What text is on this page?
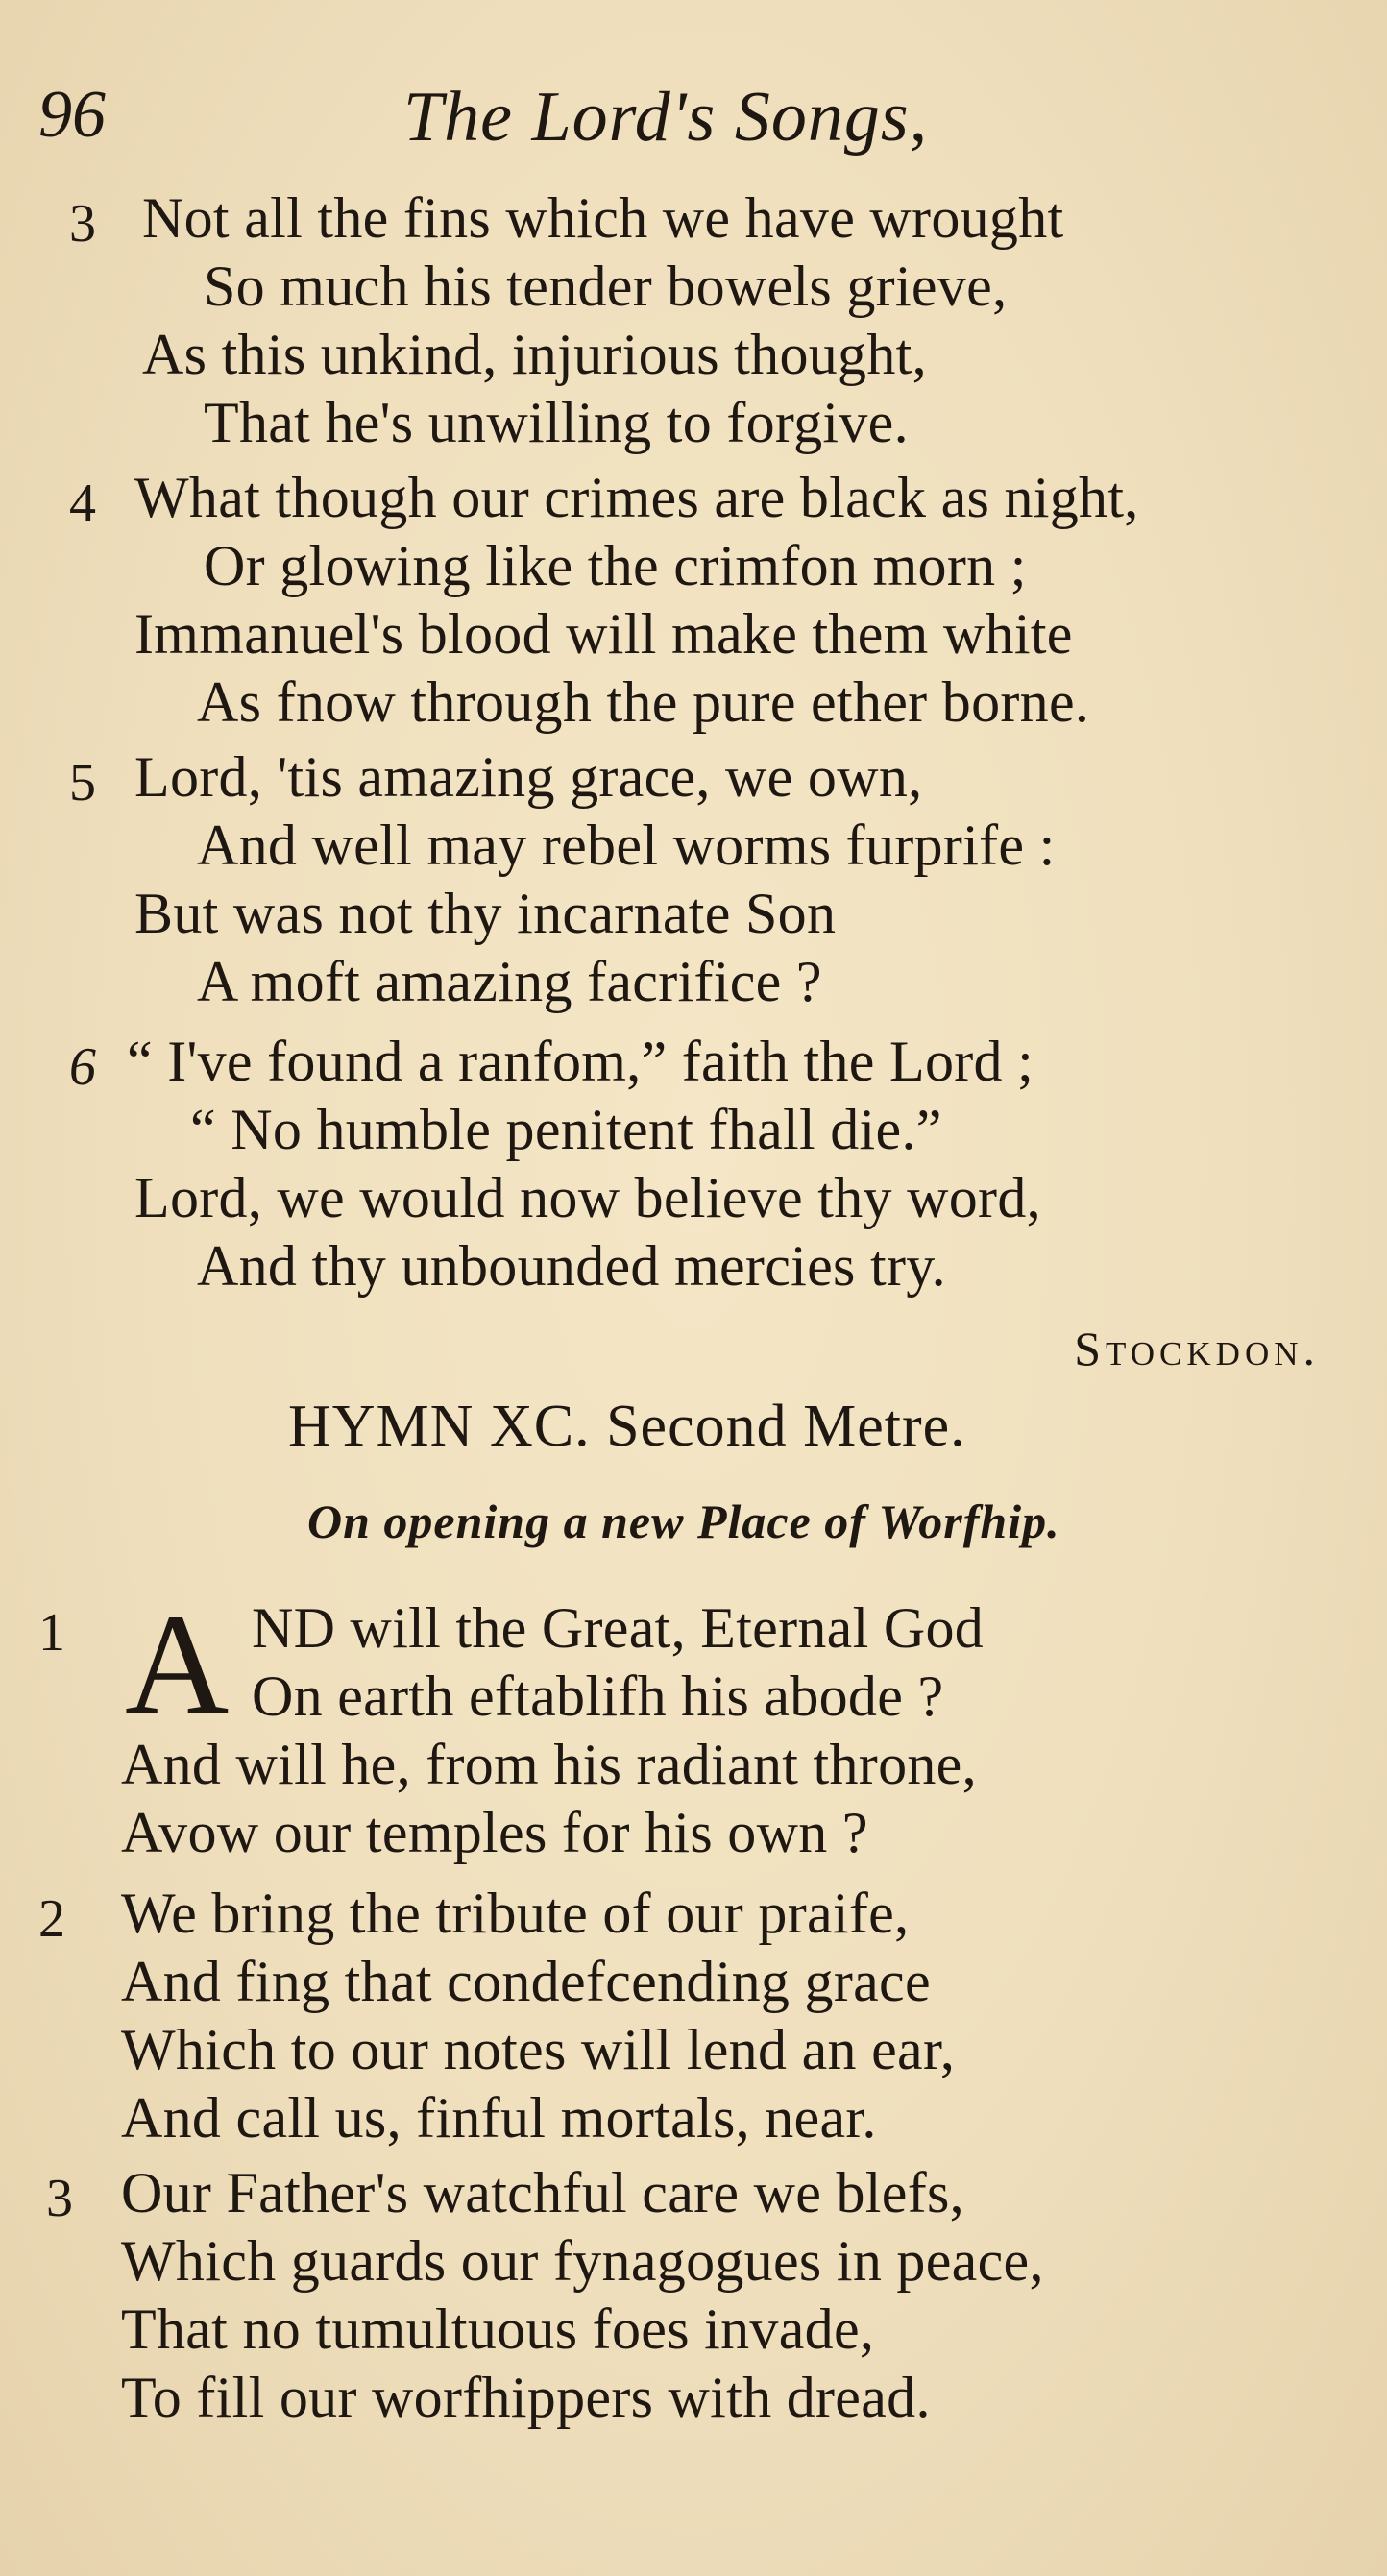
96	The Lord's Songs,
3 Not all the fins which we have wrought
So much his tender bowels grieve,
As this unkind, injurious thought,
That he's unwilling to forgive.
4 What though our crimes are black as night,
Or glowing like the crimfon morn ;
Immanuel's blood will make them white
As fnow through the pure ether borne.
5 Lord, 'tis amazing grace, we own,
And well may rebel worms furprife :
But was not thy incarnate Son
A moft amazing facrifice ?
6 “ I've found a ranfom,” faith the Lord ;
“ No humble penitent fhall die.”
Lord, we would now believe thy word,
And thy unbounded mercies try.
Stockdon.
HYMN XC. Second Metre.
On opening a new Place of Worfhip.
1 A ND will the Great, Eternal God
On earth eftablifh his abode ?
And will he, from his radiant throne,
Avow our temples for his own ?
2 We bring the tribute of our praife,
And fing that condefcending grace
Which to our notes will lend an ear,
And call us, finful mortals, near.
3 Our Father's watchful care we blefs,
Which guards our fynagogues in peace,
That no tumultuous foes invade,
To fill our worfhippers with dread.
